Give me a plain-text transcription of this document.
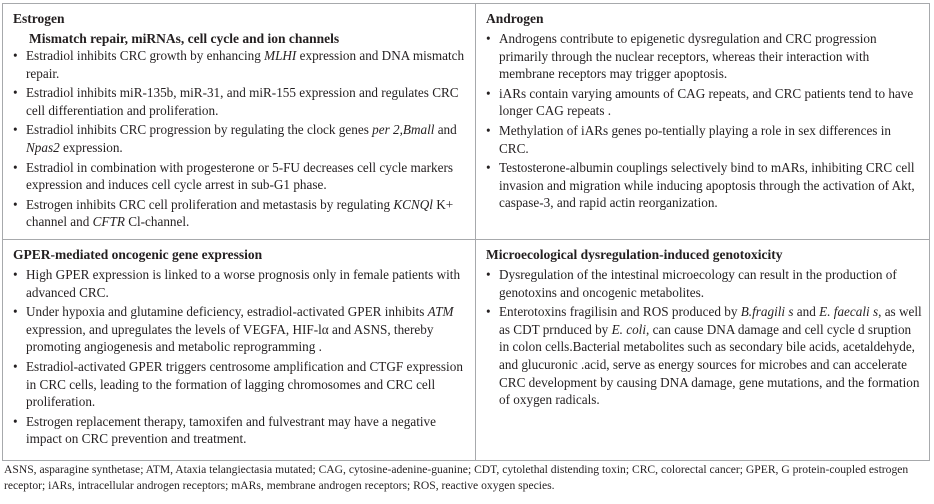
Estrogen
Mismatch repair, miRNAs, cell cycle and ion channels
• Estradiol inhibits CRC growth by enhancing MLHI expression and DNA mismatch repair.
• Estradiol inhibits miR-135b, miR-31, and miR-155 expression and regulates CRC cell differentiation and proliferation.
• Estradiol inhibits CRC progression by regulating the clock genes per 2,Bmall and Npas2 expression.
• Estradiol in combination with progesterone or 5-FU decreases cell cycle markers expression and induces cell cycle arrest in sub-G1 phase.
• Estrogen inhibits CRC cell proliferation and metastasis by regulating KCNQl K+ channel and CFTR Cl-channel.
Androgen
• Androgens contribute to epigenetic dysregulation and CRC progression primarily through the nuclear receptors, whereas their interaction with membrane receptors may trigger apoptosis.
• iARs contain varying amounts of CAG repeats, and CRC patients tend to have longer CAG repeats .
• Methylation of iARs genes po-tentially playing a role in sex differences in CRC.
• Testosterone-albumin couplings selectively bind to mARs, inhibiting CRC cell invasion and migration while inducing apoptosis through the activation of Akt, caspase-3, and rapid actin reorganization.
GPER-mediated oncogenic gene expression
• High GPER expression is linked to a worse prognosis only in female patients with advanced CRC.
• Under hypoxia and glutamine deficiency, estradiol-activated GPER inhibits ATM expression, and upregulates the levels of VEGFA, HIF-lα and ASNS, thereby promoting angiogenesis and metabolic reprogramming .
• Estradiol-activated GPER triggers centrosome amplification and CTGF expression in CRC cells, leading to the formation of lagging chromosomes and CRC cell proliferation.
• Estrogen replacement therapy, tamoxifen and fulvestrant may have a negative impact on CRC prevention and treatment.
Microecological dysregulation-induced genotoxicity
• Dysregulation of the intestinal microecology can result in the production of genotoxins and oncogenic metabolites.
• Enterotoxins fragilisin and ROS produced by B.fragili s and E. faecali s, as well as CDT prnduced by E. coli, can cause DNA damage and cell cycle d sruption in colon cells.Bacterial metabolites such as secondary bile acids, acetaldehyde, and glucuronic .acid, serve as energy sources for microbes and can accelerate CRC development by causing DNA damage, gene mutations, and the formation of oxygen radicals.
ASNS, asparagine synthetase; ATM, Ataxia telangiectasia mutated; CAG, cytosine-adenine-guanine; CDT, cytolethal distending toxin; CRC, colorectal cancer; GPER, G protein-coupled estrogen receptor; iARs, intracellular androgen receptors; mARs, membrane androgen receptors; ROS, reactive oxygen species.
